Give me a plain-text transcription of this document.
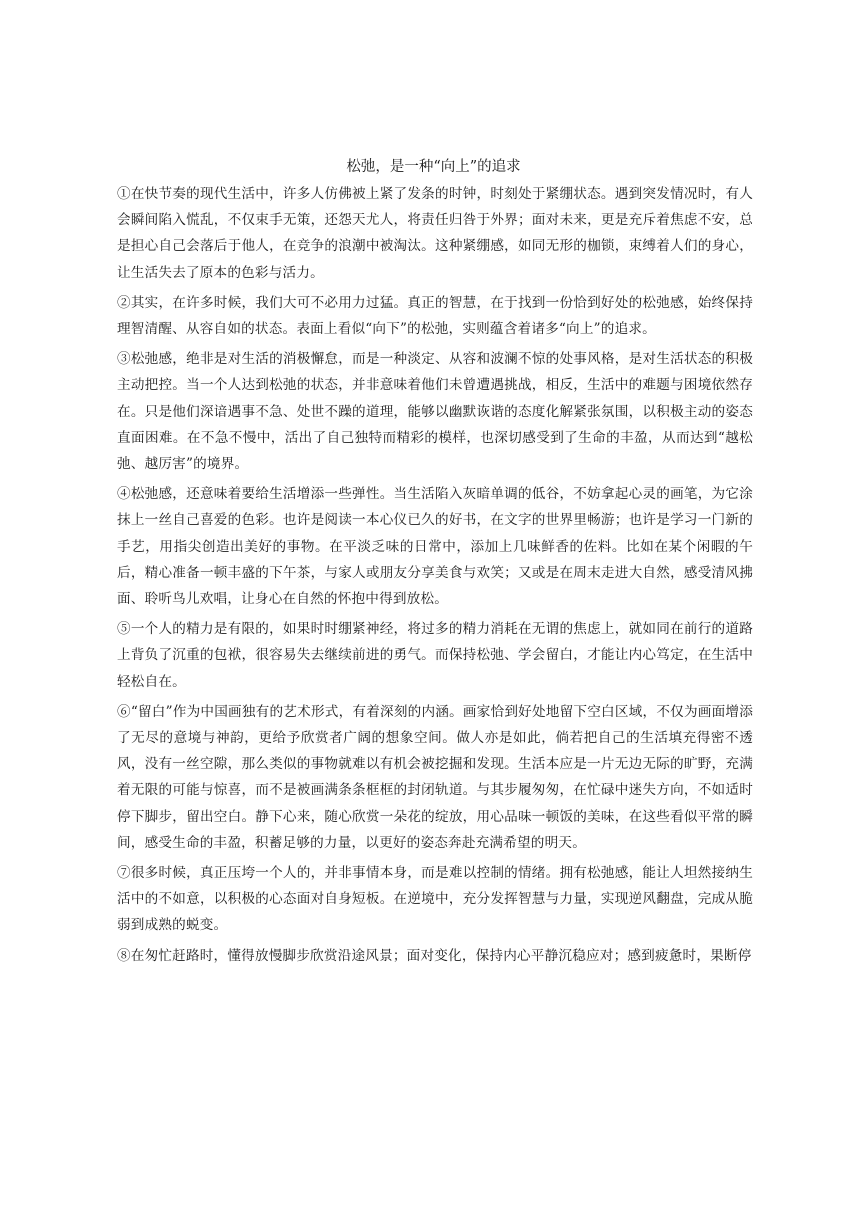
松弛，是一种“向上”的追求

①在快节奏的现代生活中，许多人仿佛被上紧了发条的时钟，时刻处于紧绷状态。遇到突发情况时，有人会瞬间陷入慌乱，不仅束手无策，还怨天尤人，将责任归咎于外界；面对未来，更是充斥着焦虑不安，总是担心自己会落后于他人，在竞争的浪潮中被淘汰。这种紧绷感，如同无形的枷锁，束缚着人们的身心，让生活失去了原本的色彩与活力。

②其实，在许多时候，我们大可不必用力过猛。真正的智慧，在于找到一份恰到好处的松弛感，始终保持理智清醒、从容自如的状态。表面上看似“向下”的松弛，实则蕴含着诸多“向上”的追求。

③松弛感，绝非是对生活的消极懈怠，而是一种淡定、从容和波澜不惊的处事风格，是对生活状态的积极主动把控。当一个人达到松弛的状态，并非意味着他们未曾遭遇挑战，相反，生活中的难题与困境依然存在。只是他们深谙遇事不急、处世不躁的道理，能够以幽默诙谐的态度化解紧张氛围，以积极主动的姿态直面困难。在不急不慢中，活出了自己独特而精彩的模样，也深切感受到了生命的丰盈，从而达到“越松弛、越厉害”的境界。

④松弛感，还意味着要给生活增添一些弹性。当生活陷入灰暗单调的低谷，不妨拿起心灵的画笔，为它涂抹上一丝自己喜爱的色彩。也许是阅读一本心仪已久的好书，在文字的世界里畅游；也许是学习一门新的手艺，用指尖创造出美好的事物。在平淡乏味的日常中，添加上几味鲜香的佐料。比如在某个闲暇的午后，精心准备一顿丰盛的下午茶，与家人或朋友分享美食与欢笑；又或是在周末走进大自然，感受清风拂面、聆听鸟儿欢唱，让身心在自然的怀抱中得到放松。

⑤一个人的精力是有限的，如果时时绷紧神经，将过多的精力消耗在无谓的焦虑上，就如同在前行的道路上背负了沉重的包袱，很容易失去继续前进的勇气。而保持松弛、学会留白，才能让内心笃定，在生活中轻松自在。

⑥“留白”作为中国画独有的艺术形式，有着深刻的内涵。画家恰到好处地留下空白区域，不仅为画面增添了无尽的意境与神韵，更给予欣赏者广阔的想象空间。做人亦是如此，倘若把自己的生活填充得密不透风，没有一丝空隙，那么类似的事物就难以有机会被挖掘和发现。生活本应是一片无边无际的旷野，充满着无限的可能与惊喜，而不是被画满条条框框的封闭轨道。与其步履匆匆，在忙碌中迷失方向，不如适时停下脚步，留出空白。静下心来，随心欣赏一朵花的绽放，用心品味一顿饭的美味，在这些看似平常的瞬间，感受生命的丰盈，积蓄足够的力量，以更好的姿态奔赴充满希望的明天。

⑦很多时候，真正压垮一个人的，并非事情本身，而是难以控制的情绪。拥有松弛感，能让人坦然接纳生活中的不如意，以积极的心态面对自身短板。在逆境中，充分发挥智慧与力量，实现逆风翻盘，完成从脆弱到成熟的蜕变。

⑧在匆忙赶路时，懂得放慢脚步欣赏沿途风景；面对变化，保持内心平静沉稳应对；感到疲惫时，果断停
